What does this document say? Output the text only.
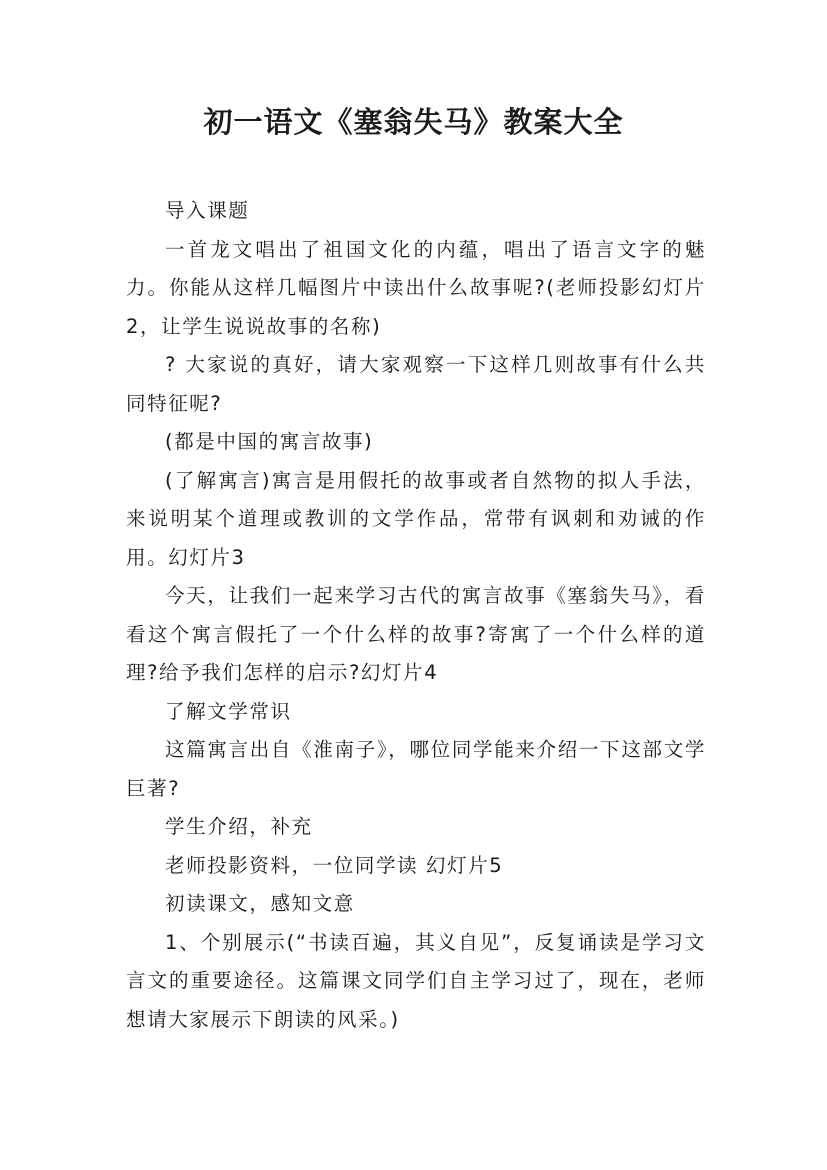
初一语文《塞翁失马》教案大全

导入课题

一首龙文唱出了祖国文化的内蕴，唱出了语言文字的魅力。你能从这样几幅图片中读出什么故事呢?(老师投影幻灯片2，让学生说说故事的名称)

? 大家说的真好，请大家观察一下这样几则故事有什么共同特征呢?

(都是中国的寓言故事)

(了解寓言)寓言是用假托的故事或者自然物的拟人手法，来说明某个道理或教训的文学作品，常带有讽刺和劝诫的作用。幻灯片3

今天，让我们一起来学习古代的寓言故事《塞翁失马》，看看这个寓言假托了一个什么样的故事?寄寓了一个什么样的道理?给予我们怎样的启示?幻灯片4

了解文学常识

这篇寓言出自《淮南子》，哪位同学能来介绍一下这部文学巨著?

学生介绍，补充

老师投影资料，一位同学读 幻灯片5

初读课文，感知文意

1、个别展示(“书读百遍，其义自见”，反复诵读是学习文言文的重要途径。这篇课文同学们自主学习过了，现在，老师想请大家展示下朗读的风采。)
